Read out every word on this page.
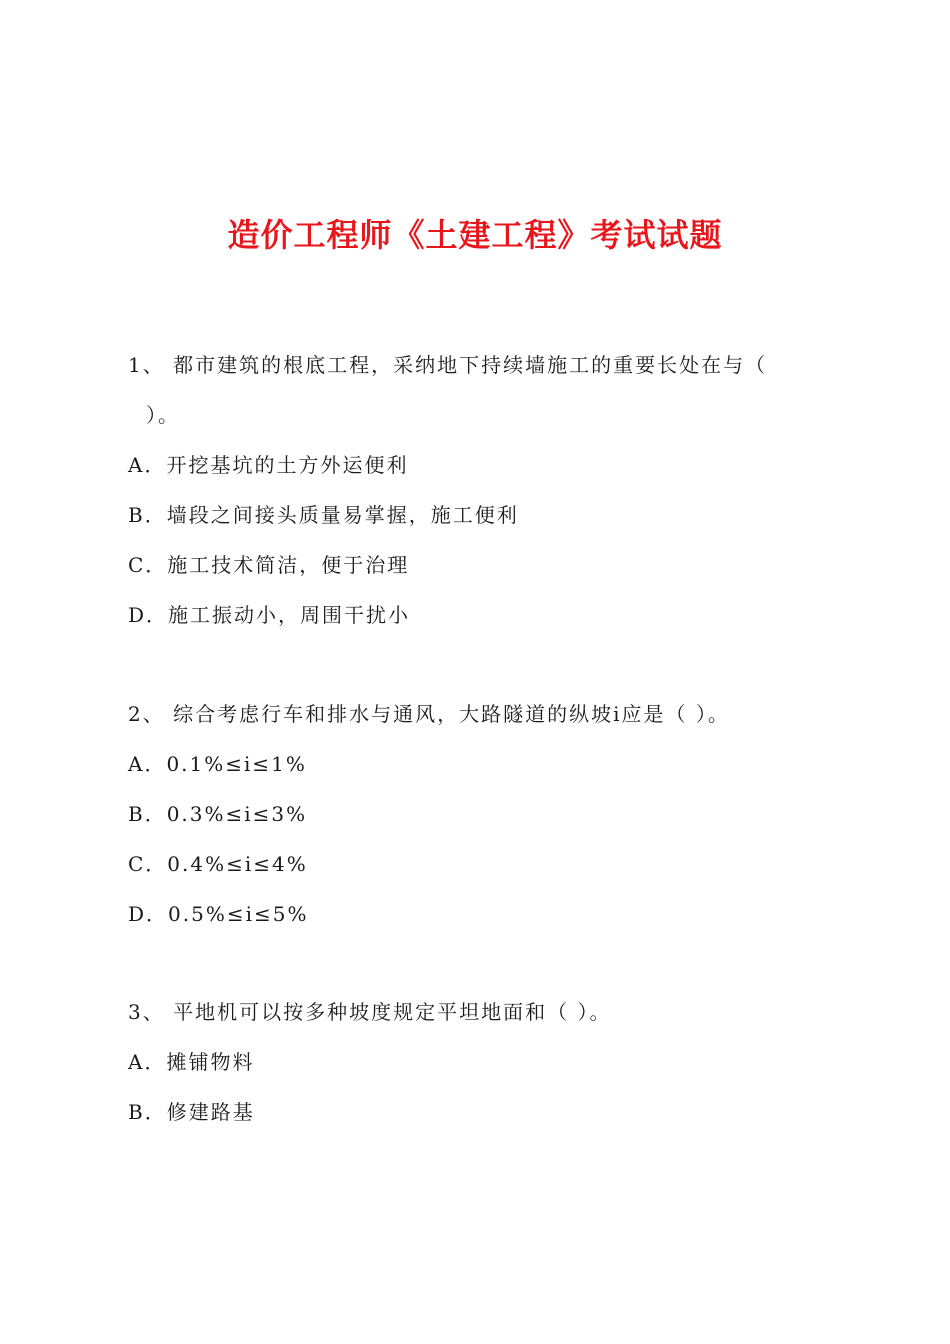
造价工程师《土建工程》考试试题

1、 都市建筑的根底工程，采纳地下持续墙施工的重要长处在与（

）。

A．开挖基坑的土方外运便利

B．墙段之间接头质量易掌握，施工便利

C．施工技术简洁，便于治理

D．施工振动小，周围干扰小

2、 综合考虑行车和排水与通风，大路隧道的纵坡i应是（ ）。

A．0.1%≤i≤1%

B．0.3%≤i≤3%

C．0.4%≤i≤4%

D．0.5%≤i≤5%

3、 平地机可以按多种坡度规定平坦地面和（ ）。

A．摊铺物料

B．修建路基
